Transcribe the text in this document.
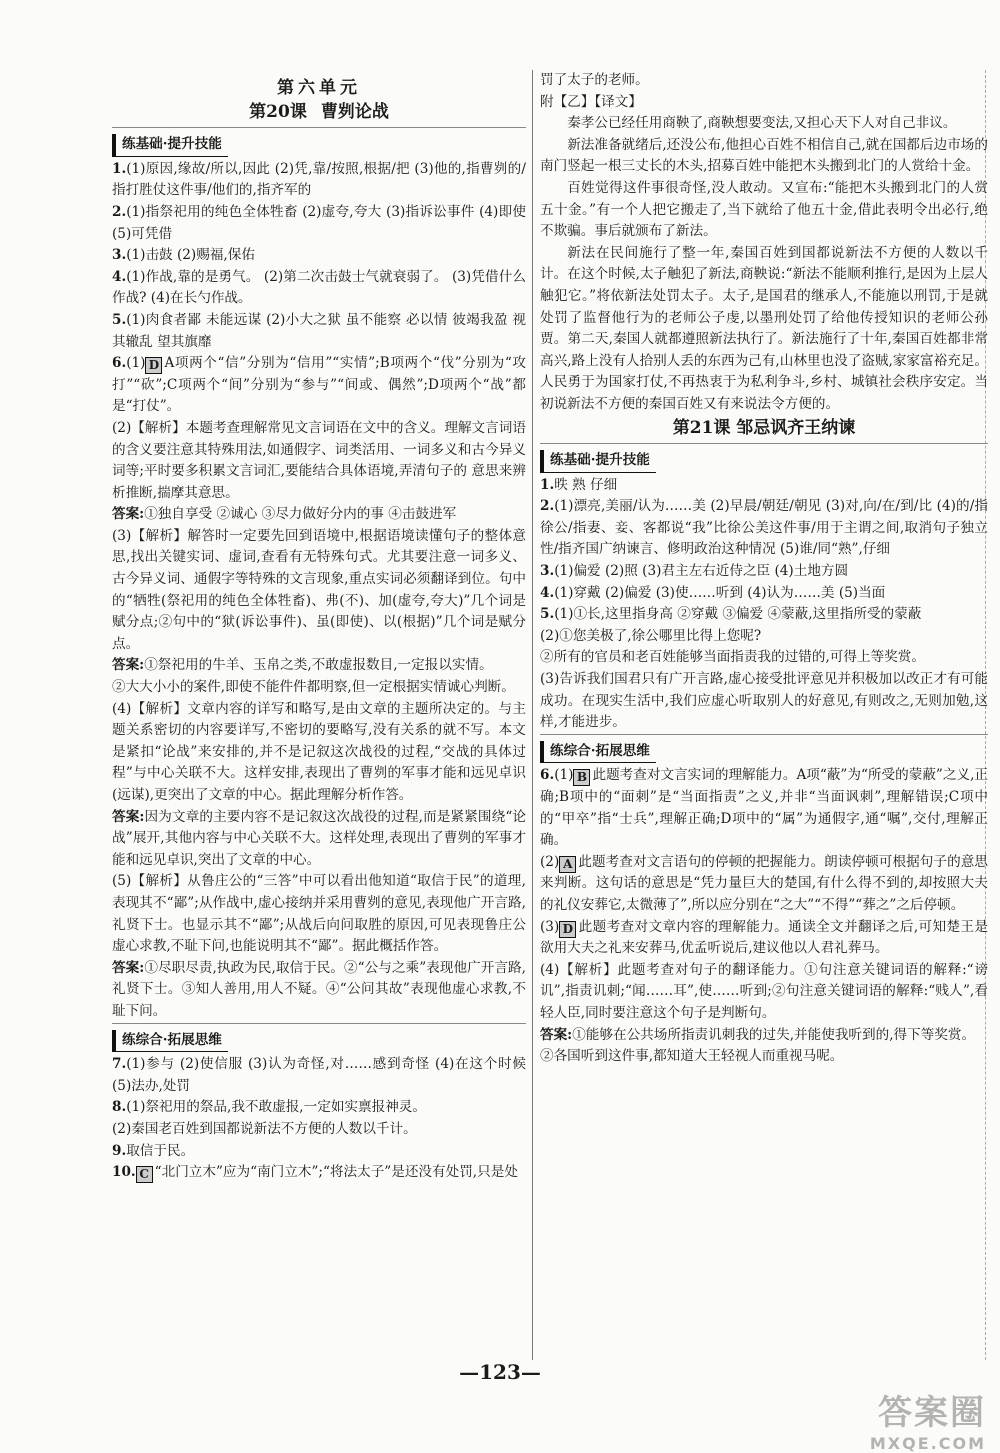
第六单元
第20课 曹刿论战
练基础·提升技能

1.(1)原因,缘故/所以,因此 (2)凭,靠/按照,根据/把 (3)他的,指曹刿的/指打胜仗这件事/他们的,指齐军的

2.(1)指祭祀用的纯色全体牲畜 (2)虚夸,夸大 (3)指诉讼事件 (4)即使 (5)可凭借

3.(1)击鼓 (2)赐福,保佑

4.(1)作战,靠的是勇气。 (2)第二次击鼓士气就衰弱了。 (3)凭借什么作战? (4)在长勺作战。

5.(1)肉食者鄙 未能远谋 (2)小大之狱 虽不能察 必以情 彼竭我盈 视其辙乱 望其旗靡

6.(1) D A项两个“信”分别为“信用”“实情”;B项两个“伐”分别为“攻打”“砍”;C项两个“间”分别为“参与”“间或、偶然”;D项两个“战”都是“打仗”。

(2)【解析】本题考查理解常见文言词语在文中的含义。理解文言词语的含义要注意其特殊用法,如通假字、词类活用、一词多义和古今异义词等;平时要多积累文言词汇,要能结合具体语境,弄清句子的 意思来辨析推断,揣摩其意思。

答案:①独自享受 ②诚心 ③尽力做好分内的事 ④击鼓进军

(3)【解析】解答时一定要先回到语境中,根据语境读懂句子的整体意思,找出关键实词、虚词,查看有无特殊句式。尤其要注意一词多义、古今异义词、通假字等特殊的文言现象,重点实词必须翻译到位。句中的“牺牲(祭祀用的纯色全体牲畜)、弗(不)、加(虚夸,夸大)”几个词是赋分点;②句中的“狱(诉讼事件)、虽(即使)、以(根据)”几个词是赋分点。

答案:①祭祀用的牛羊、玉帛之类,不敢虚报数目,一定报以实情。

②大大小小的案件,即使不能件件都明察,但一定根据实情诚心判断。

(4)【解析】文章内容的详写和略写,是由文章的主题所决定的。与主题关系密切的内容要详写,不密切的要略写,没有关系的就不写。本文是紧扣“论战”来安排的,并不是记叙这次战役的过程,“交战的具体过程”与中心关联不大。这样安排,表现出了曹刿的军事才能和远见卓识(远谋),更突出了文章的中心。据此理解分析作答。

答案:因为文章的主要内容不是记叙这次战役的过程,而是紧紧围绕“论战”展开,其他内容与中心关联不大。这样处理,表现出了曹刿的军事才能和远见卓识,突出了文章的中心。

(5)【解析】从鲁庄公的“三答”中可以看出他知道“取信于民”的道理,表现其不“鄙”;从作战中,虚心接纳并采用曹刿的意见,表现他广开言路,礼贤下士。也显示其不“鄙”;从战后向问取胜的原因,可见表现鲁庄公虚心求教,不耻下问,也能说明其不“鄙”。据此概括作答。

答案:①尽职尽责,执政为民,取信于民。②“公与之乘”表现他广开言路,礼贤下士。③知人善用,用人不疑。④“公问其故”表现他虚心求教,不耻下问。

练综合·拓展思维

7.(1)参与 (2)使信服 (3)认为奇怪,对……感到奇怪 (4)在这个时候 (5)法办,处罚

8.(1)祭祀用的祭品,我不敢虚报,一定如实禀报神灵。

(2)秦国老百姓到国都说新法不方便的人数以千计。

9.取信于民。

10. C “北门立木”应为“南门立木”;“将法太子”是还没有处罚,只是处

罚了太子的老师。

附【乙】【译文】

秦孝公已经任用商鞅了,商鞅想要变法,又担心天下人对自己非议。

新法准备就绪后,还没公布,他担心百姓不相信自己,就在国都后边市场的南门竖起一根三丈长的木头,招募百姓中能把木头搬到北门的人赏给十金。

百姓觉得这件事很奇怪,没人敢动。又宣布:“能把木头搬到北门的人赏五十金。”有一个人把它搬走了,当下就给了他五十金,借此表明令出必行,绝不欺骗。事后就颁布了新法。

新法在民间施行了整一年,秦国百姓到国都说新法不方便的人数以千计。在这个时候,太子触犯了新法,商鞅说:“新法不能顺利推行,是因为上层人触犯它。”将依新法处罚太子。太子,是国君的继承人,不能施以刑罚,于是就处罚了监督他行为的老师公子虔,以墨刑处罚了给他传授知识的老师公孙贾。第二天,秦国人就都遵照新法执行了。新法施行了十年,秦国百姓都非常高兴,路上没有人拾别人丢的东西为己有,山林里也没了盗贼,家家富裕充足。人民勇于为国家打仗,不再热衷于为私利争斗,乡村、城镇社会秩序安定。当初说新法不方便的秦国百姓又有来说法令方便的。

第21课 邹忌讽齐王纳谏
练基础·提升技能

1.昳 熟 仔细

2.(1)漂亮,美丽/认为……美 (2)早晨/朝廷/朝见 (3)对,向/在/到/比 (4)的/指徐公/指妻、妾、客都说“我”比徐公美这件事/用于主谓之间,取消句子独立性/指齐国广纳谏言、修明政治这种情况 (5)谁/同“熟”,仔细

3.(1)偏爱 (2)照 (3)君主左右近侍之臣 (4)土地方圆

4.(1)穿戴 (2)偏爱 (3)使……听到 (4)认为……美 (5)当面

5.(1)①长,这里指身高 ②穿戴 ③偏爱 ④蒙蔽,这里指所受的蒙蔽

(2)①您美极了,徐公哪里比得上您呢?

②所有的官员和老百姓能够当面指责我的过错的,可得上等奖赏。

(3)告诉我们国君只有广开言路,虚心接受批评意见并积极加以改正才有可能成功。在现实生活中,我们应虚心听取别人的好意见,有则改之,无则加勉,这样,才能进步。

练综合·拓展思维

6.(1) B 此题考查对文言实词的理解能力。A项“蔽”为“所受的蒙蔽”之义,正确;B项中的“面刺”是“当面指责”之义,并非“当面讽刺”,理解错误;C项中的“甲卒”指“士兵”,理解正确;D项中的“属”为通假字,通“嘱”,交付,理解正确。

(2) A 此题考查对文言语句的停顿的把握能力。朗读停顿可根据句子的意思来判断。这句话的意思是“凭力量巨大的楚国,有什么得不到的,却按照大夫的礼仪安葬它,太微薄了”,所以应分别在“之大”“不得”“葬之”之后停顿。

(3) D 此题考查对文章内容的理解能力。通读全文并翻译之后,可知楚王是欲用大夫之礼来安葬马,优孟听说后,建议他以人君礼葬马。

(4)【解析】此题考查对句子的翻译能力。①句注意关键词语的解释:“谤讥”,指责讥刺;“闻……耳”,使……听到;②句注意关键词语的解释:“贱人”,看轻人臣,同时要注意这个句子是判断句。

答案:①能够在公共场所指责讥刺我的过失,并能使我听到的,得下等奖赏。

②各国听到这件事,都知道大王轻视人而重视马呢。

—123—
答案圈
MXQE.COM
